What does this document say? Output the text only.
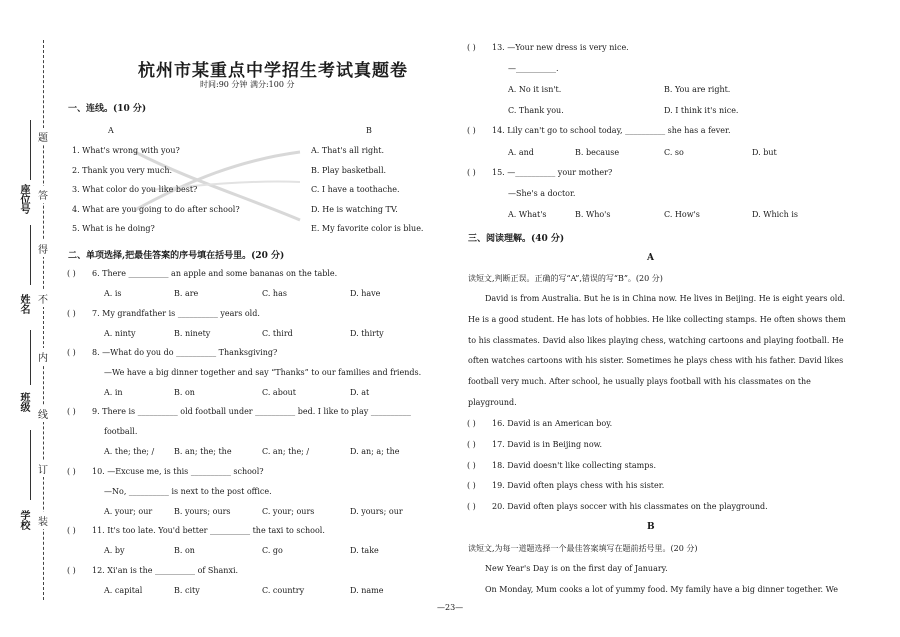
座位号
姓名
班级
学校
题
答
得
不
内
线
订
装
杭州市某重点中学招生考试真题卷
时间:90 分钟 满分:100 分
一、连线。(10 分)
A	B
1. What's wrong with you?
2. Thank you very much.
3. What color do you like best?
4. What are you going to do after school?
5. What is he doing?
A. That's all right.
B. Play basketball.
C. I have a toothache.
D. He is watching TV.
E. My favorite color is blue.
二、单项选择,把最佳答案的序号填在括号里。(20 分)
( ) 6. There __________ an apple and some bananas on the table.
A. is	B. are	C. has	D. have
( ) 7. My grandfather is __________ years old.
A. ninty	B. ninety	C. third	D. thirty
( ) 8. —What do you do __________ Thanksgiving?
—We have a big dinner together and say “Thanks” to our families and friends.
A. in	B. on	C. about	D. at
( ) 9. There is __________ old football under __________ bed. I like to play __________
football.
A. the; the; / B. an; the; the	C. an; the; /	D. an; a; the
( ) 10. —Excuse me, is this __________ school?
—No, __________ is next to the post office.
A. your; our	B. yours; ours	C. your; ours	D. yours; our
( ) 11. It's too late. You'd better __________ the taxi to school.
A. by	B. on	C. go	D. take
( ) 12. Xi'an is the __________ of Shanxi.
A. capital	B. city	C. country	D. name
( ) 13. —Your new dress is very nice.
—__________.
A. No it isn't.	B. You are right.
C. Thank you.	D. I think it's nice.
( ) 14. Lily can't go to school today, __________ she has a fever.
A. and	B. because	C. so	D. but
( ) 15. —__________ your mother?
—She's a doctor.
A. What's	B. Who's	C. How's	D. Which is
三、阅读理解。(40 分)
A
读短文,判断正误。正确的写“A”,错误的写“B”。(20 分)
David is from Australia. But he is in China now. He lives in Beijing. He is eight years old.
He is a good student. He has lots of hobbies. He like collecting stamps. He often shows them
to his classmates. David also likes playing chess, watching cartoons and playing football. He
often watches cartoons with his sister. Sometimes he plays chess with his father. David likes
football very much. After school, he usually plays football with his classmates on the
playground.
( ) 16. David is an American boy.
( ) 17. David is in Beijing now.
( ) 18. David doesn't like collecting stamps.
( ) 19. David often plays chess with his sister.
( ) 20. David often plays soccer with his classmates on the playground.
B
读短文,为每一道题选择一个最佳答案填写在题前括号里。(20 分)
New Year's Day is on the first day of January.
On Monday, Mum cooks a lot of yummy food. My family have a big dinner together. We
—23—
